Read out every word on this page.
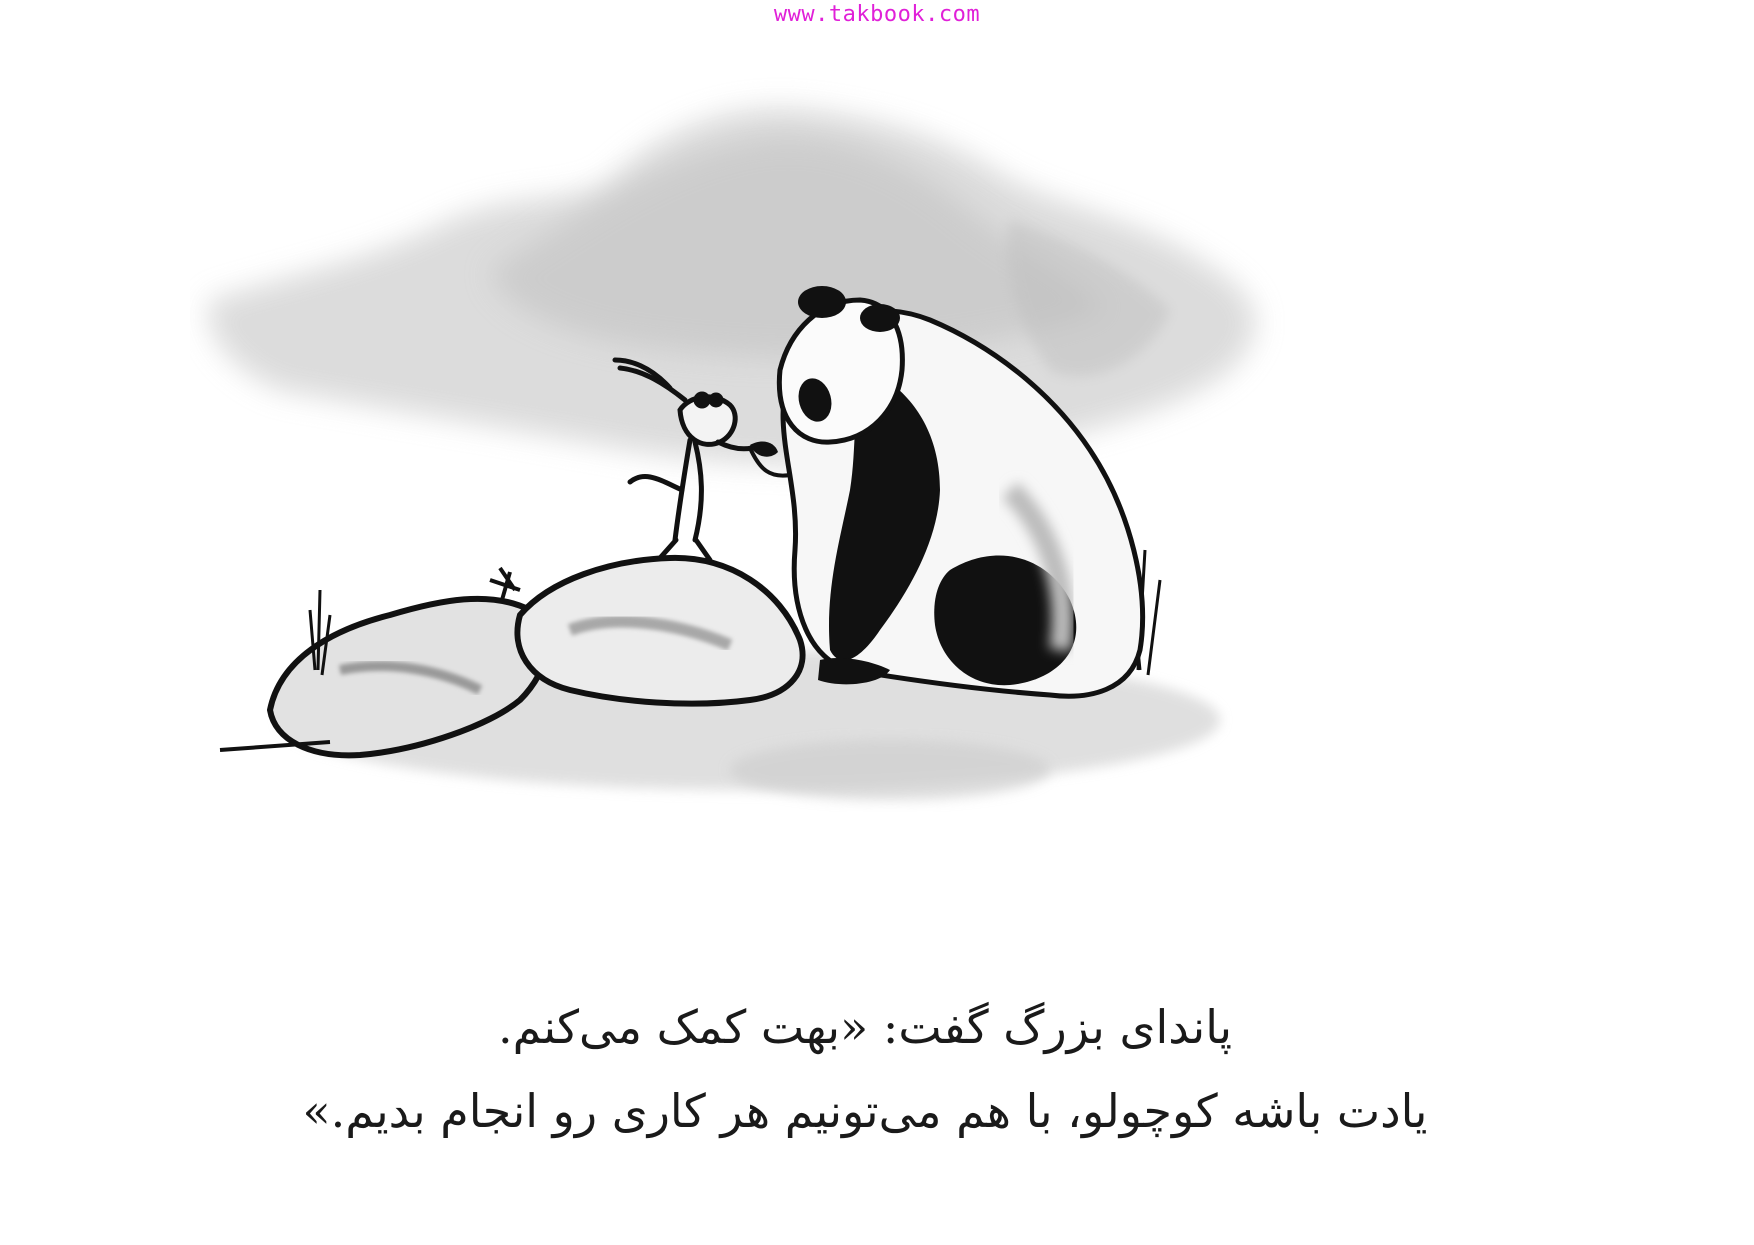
www.takbook.com
پاندای بزرگ گفت: «بهت کمک می‌کنم.
یادت باشه کوچولو، با هم می‌تونیم هر کاری رو انجام بدیم.»
